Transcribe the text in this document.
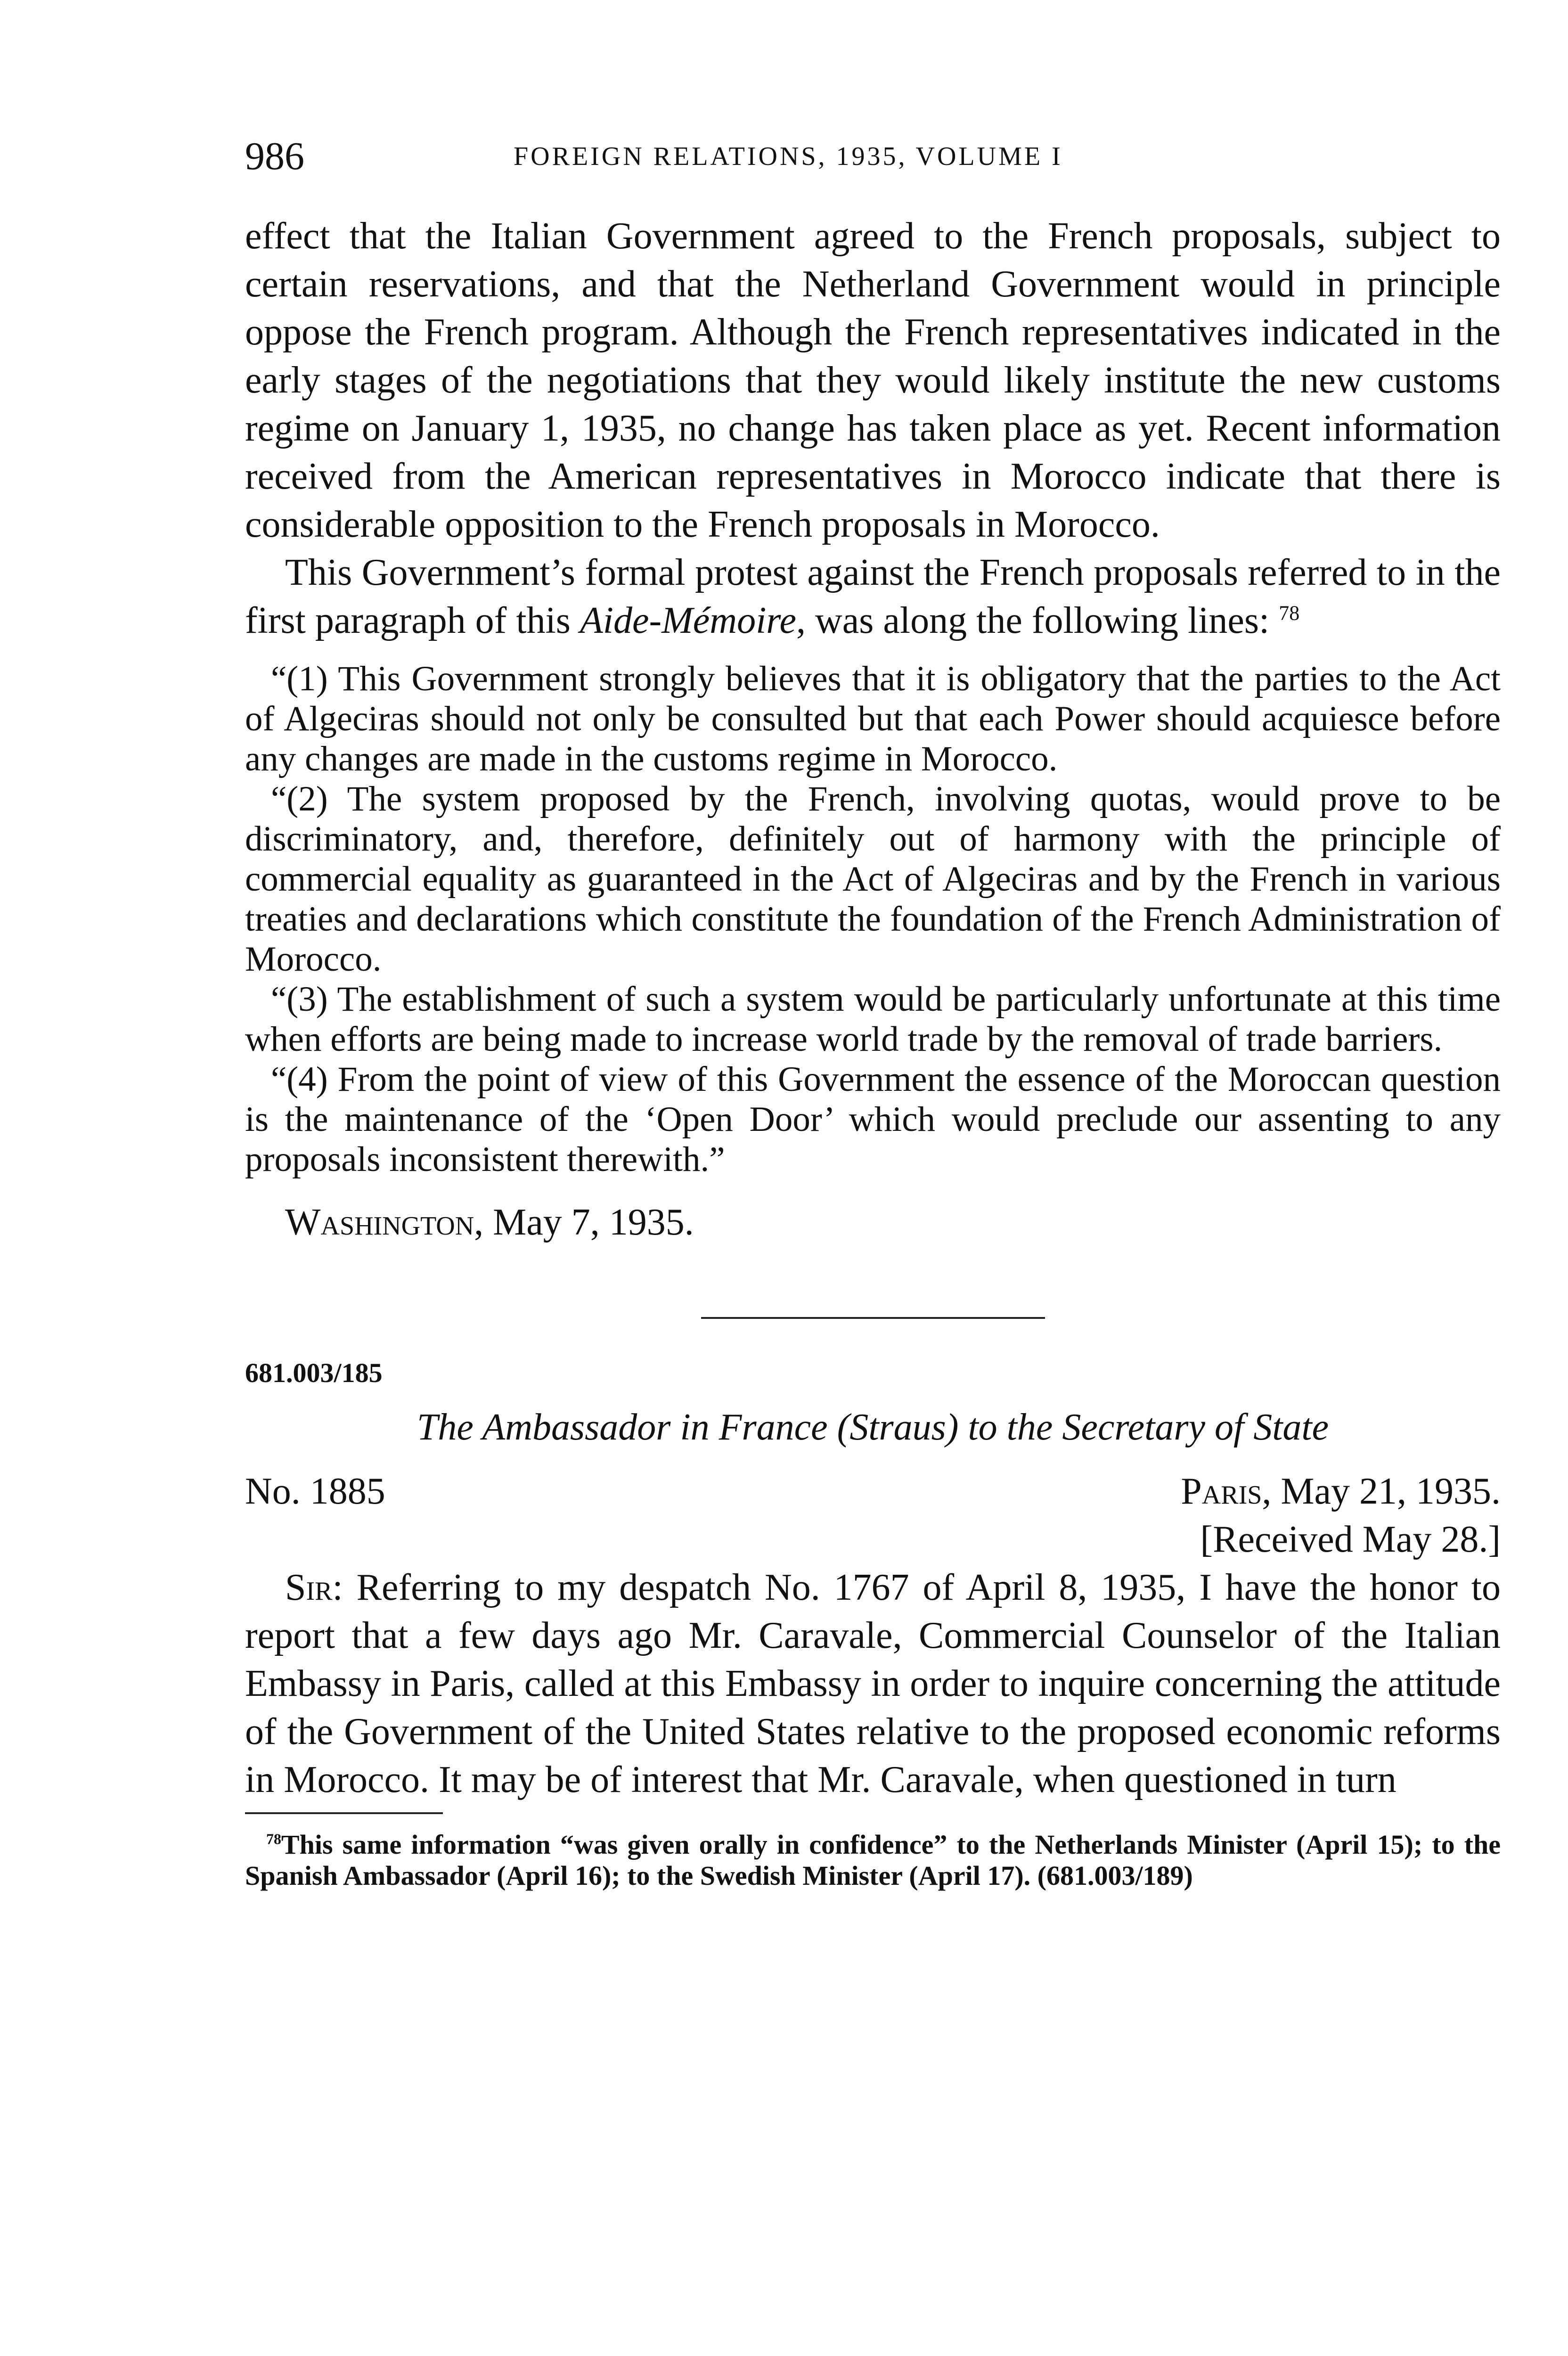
986	FOREIGN RELATIONS, 1935, VOLUME I

effect that the Italian Government agreed to the French proposals, subject to certain reservations, and that the Netherland Government would in principle oppose the French program. Although the French representatives indicated in the early stages of the negotiations that they would likely institute the new customs regime on January 1, 1935, no change has taken place as yet. Recent information received from the American representatives in Morocco indicate that there is considerable opposition to the French proposals in Morocco.

This Government’s formal protest against the French proposals referred to in the first paragraph of this Aide-Mémoire, was along the following lines: $^{78}$

“(1) This Government strongly believes that it is obligatory that the parties to the Act of Algeciras should not only be consulted but that each Power should acquiesce before any changes are made in the customs regime in Morocco.

“(2) The system proposed by the French, involving quotas, would prove to be discriminatory, and, therefore, definitely out of harmony with the principle of commercial equality as guaranteed in the Act of Algeciras and by the French in various treaties and declarations which constitute the foundation of the French Administration of Morocco.

“(3) The establishment of such a system would be particularly unfortunate at this time when efforts are being made to increase world trade by the removal of trade barriers.

“(4) From the point of view of this Government the essence of the Moroccan question is the maintenance of the ‘Open Door’ which would preclude our assenting to any proposals inconsistent therewith.”

Washington, May 7, 1935.

681.003/185

The Ambassador in France (Straus) to the Secretary of State

No. 1885	Paris, May 21, 1935.

[Received May 28.]

Sir: Referring to my despatch No. 1767 of April 8, 1935, I have the honor to report that a few days ago Mr. Caravale, Commercial Counselor of the Italian Embassy in Paris, called at this Embassy in order to inquire concerning the attitude of the Government of the United States relative to the proposed economic reforms in Morocco. It may be of interest that Mr. Caravale, when questioned in turn

$^{78}$This same information “was given orally in confidence” to the Netherlands Minister (April 15); to the Spanish Ambassador (April 16); to the Swedish Minister (April 17). (681.003/189)
